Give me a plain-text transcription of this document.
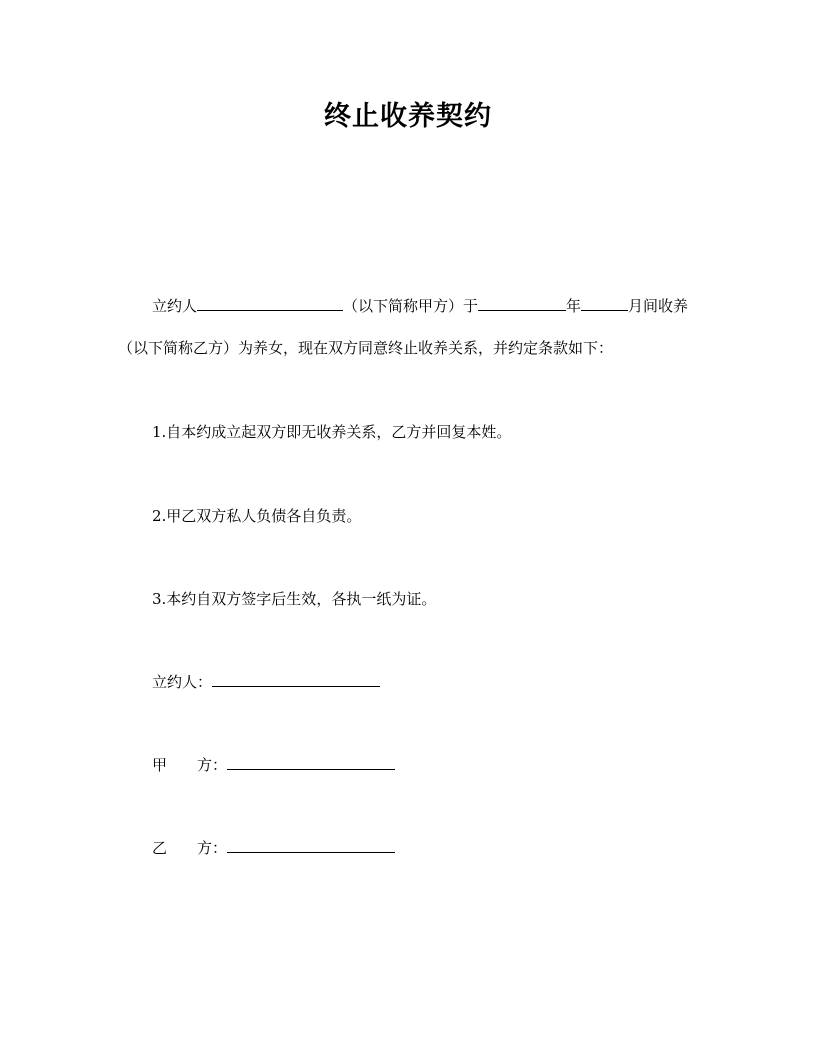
终止收养契约
立约人	（以下简称甲方）于	年	月间收养
（以下简称乙方）为养女，现在双方同意终止收养关系，并约定条款如下：
1.自本约成立起双方即无收养关系，乙方并回复本姓。
2.甲乙双方私人负债各自负责。
3.本约自双方签字后生效，各执一纸为证。
立约人：
甲 方：
乙 方：
